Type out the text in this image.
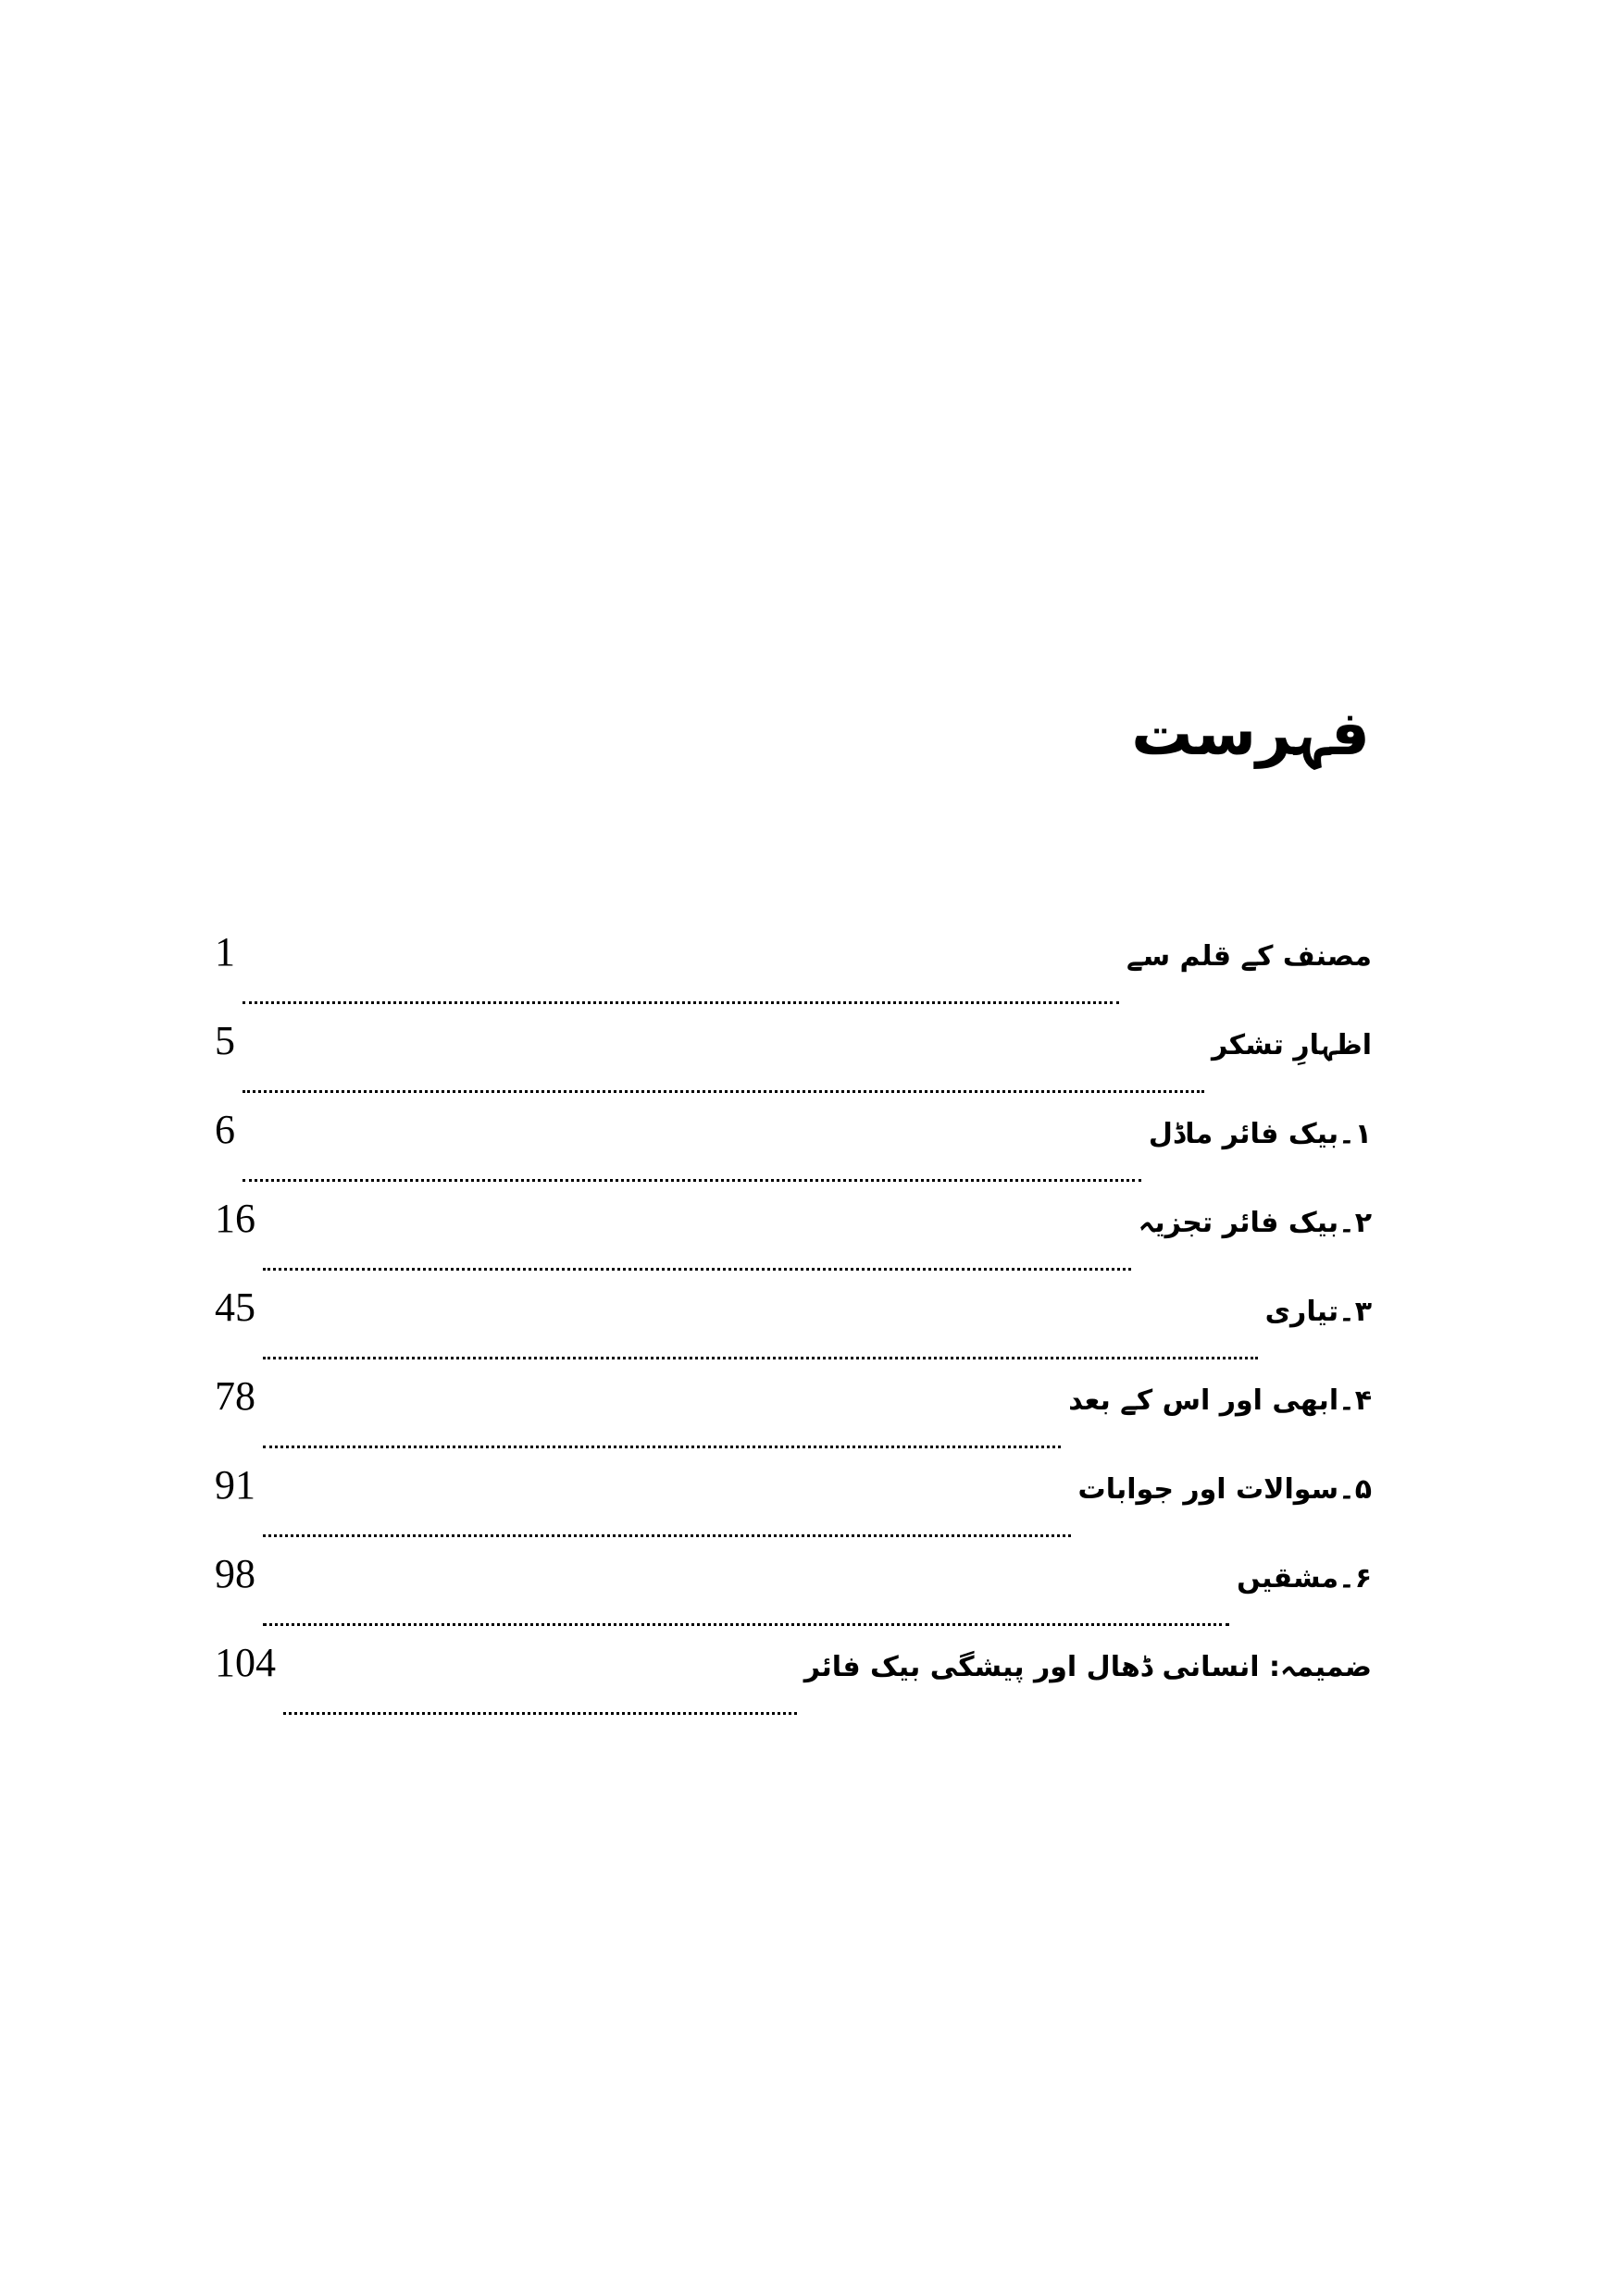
فہرست
مصنف کے قلم سے
1
اظہارِ تشکر
5
۱۔بیک فائر ماڈل
6
۲۔بیک فائر تجزیہ
16
۳۔تیاری
45
۴۔ابھی اور اس کے بعد
78
۵۔سوالات اور جوابات
91
۶۔مشقیں
98
ضمیمہ: انسانی ڈھال اور پیشگی بیک فائر
104
